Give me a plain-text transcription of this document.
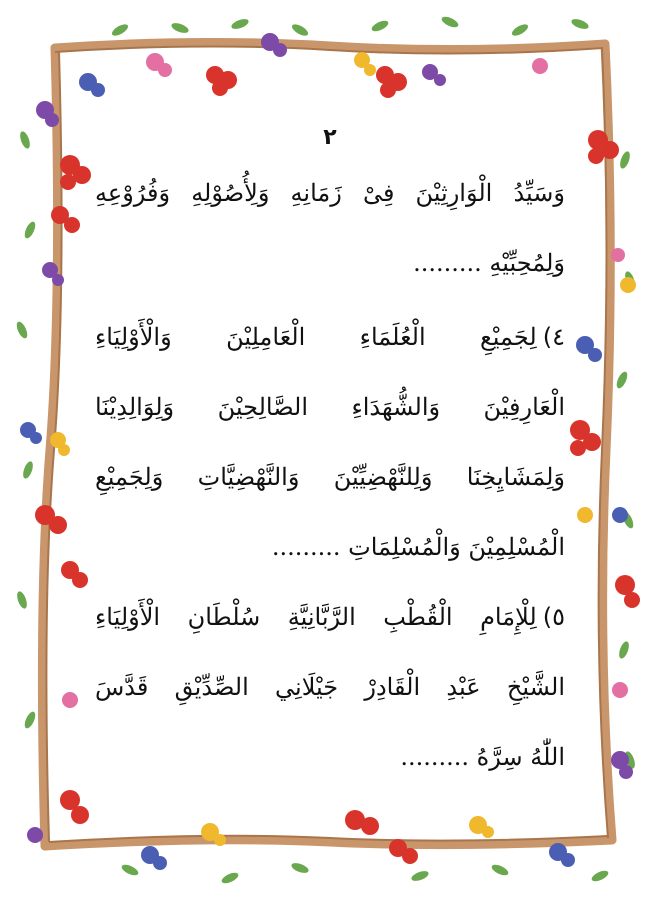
٢
وَسَيِّدُ الْوَارِثِيْنَ فِىْ زَمَانِهِ وَلِأُصُوْلِهِ وَفُرُوْعِهِ
وَلِمُحِبِّيْهِ .........
٤)لِجَمِيْعِ الْعُلَمَاءِ الْعَامِلِيْنَ وَالْأَوْلِيَاءِ
الْعَارِفِيْنَ وَالشُّهَدَاءِ الصَّالِحِيْنَ وَلِوَالِدِيْنَا
وَلِمَشَايِخِنَا وَلِلنَّهْضِيِّيْنَ وَالنَّهْضِيَّاتِ وَلِجَمِيْعِ
الْمُسْلِمِيْنَ وَالْمُسْلِمَاتِ .........
٥)لِلْإِمَامِ الْقُطْبِ الرَّبَّانِيَّةِ سُلْطَانِ الْأَوْلِيَاءِ
الشَّيْخِ عَبْدِ الْقَادِرْ جَيْلَانِي الصِّدِّيْقِ قَدَّسَ
اللّٰهُ سِرَّهُ .........
